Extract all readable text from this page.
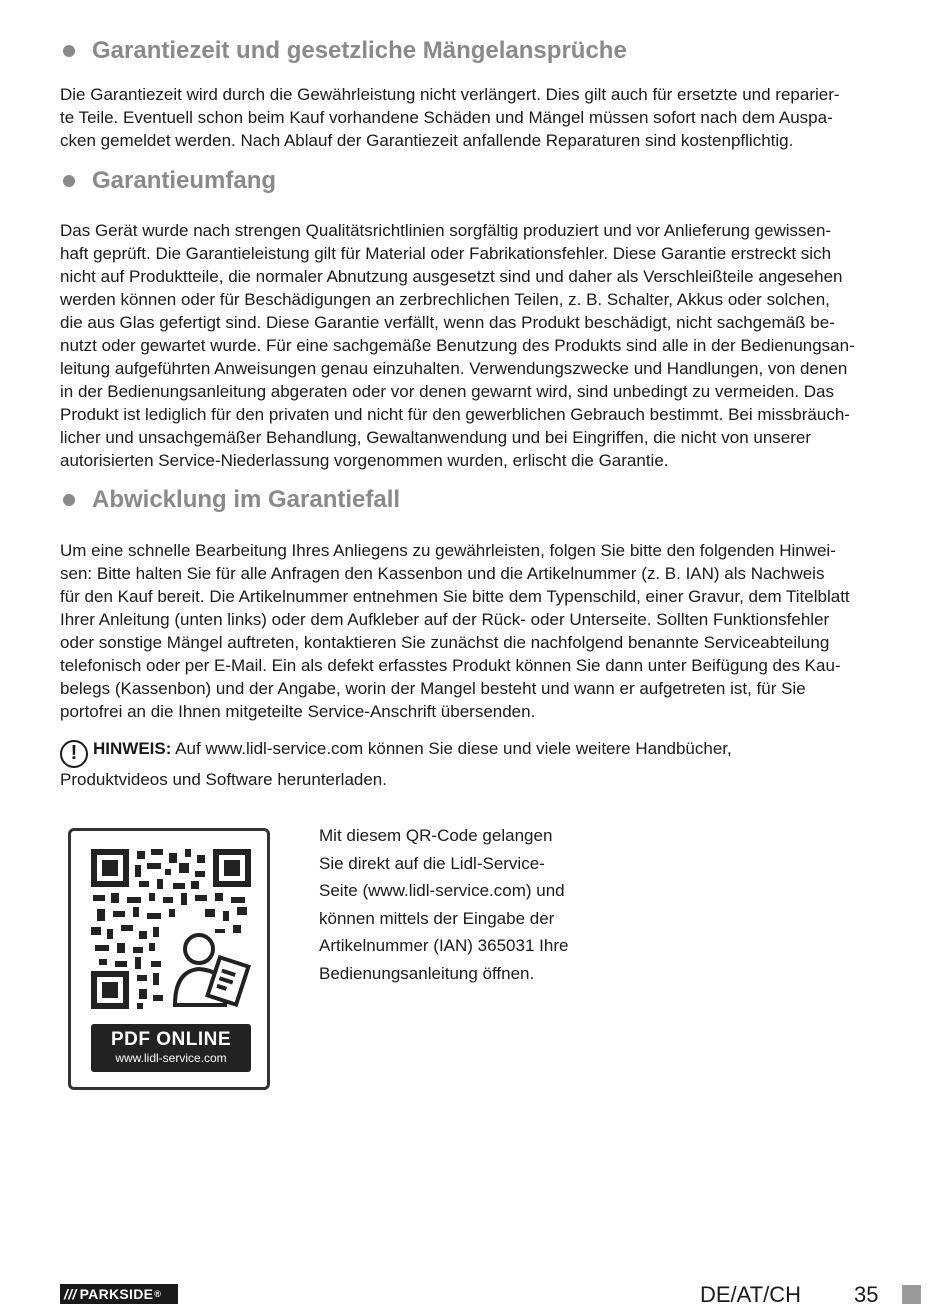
Garantiezeit und gesetzliche Mängelansprüche

Die Garantiezeit wird durch die Gewährleistung nicht verlängert. Dies gilt auch für ersetzte und reparier-
te Teile. Eventuell schon beim Kauf vorhandene Schäden und Mängel müssen sofort nach dem Auspa-
cken gemeldet werden. Nach Ablauf der Garantiezeit anfallende Reparaturen sind kostenpflichtig.

Garantieumfang

Das Gerät wurde nach strengen Qualitätsrichtlinien sorgfältig produziert und vor Anlieferung gewissen-
haft geprüft. Die Garantieleistung gilt für Material oder Fabrikationsfehler. Diese Garantie erstreckt sich
nicht auf Produktteile, die normaler Abnutzung ausgesetzt sind und daher als Verschleißteile angesehen
werden können oder für Beschädigungen an zerbrechlichen Teilen, z. B. Schalter, Akkus oder solchen,
die aus Glas gefertigt sind. Diese Garantie verfällt, wenn das Produkt beschädigt, nicht sachgemäß be-
nutzt oder gewartet wurde. Für eine sachgemäße Benutzung des Produkts sind alle in der Bedienungsan-
leitung aufgeführten Anweisungen genau einzuhalten. Verwendungszwecke und Handlungen, von denen
in der Bedienungsanleitung abgeraten oder vor denen gewarnt wird, sind unbedingt zu vermeiden. Das
Produkt ist lediglich für den privaten und nicht für den gewerblichen Gebrauch bestimmt. Bei missbräuch-
licher und unsachgemäßer Behandlung, Gewaltanwendung und bei Eingriffen, die nicht von unserer
autorisierten Service-Niederlassung vorgenommen wurden, erlischt die Garantie.

Abwicklung im Garantiefall

Um eine schnelle Bearbeitung Ihres Anliegens zu gewährleisten, folgen Sie bitte den folgenden Hinwei-
sen: Bitte halten Sie für alle Anfragen den Kassenbon und die Artikelnummer (z. B. IAN) als Nachweis
für den Kauf bereit. Die Artikelnummer entnehmen Sie bitte dem Typenschild, einer Gravur, dem Titelblatt
Ihrer Anleitung (unten links) oder dem Aufkleber auf der Rück- oder Unterseite. Sollten Funktionsfehler
oder sonstige Mängel auftreten, kontaktieren Sie zunächst die nachfolgend benannte Serviceabteilung
telefonisch oder per E-Mail. Ein als defekt erfasstes Produkt können Sie dann unter Beifügung des Kau-
belegs (Kassenbon) und der Angabe, worin der Mangel besteht und wann er aufgetreten ist, für Sie
portofrei an die Ihnen mitgeteilte Service-Anschrift übersenden.

! HINWEIS: Auf www.lidl-service.com können Sie diese und viele weitere Handbücher,
Produktvideos und Software herunterladen.

PDF ONLINE
www.lidl-service.com

Mit diesem QR-Code gelangen
Sie direkt auf die Lidl-Service-
Seite (www.lidl-service.com) und
können mittels der Eingabe der
Artikelnummer (IAN) 365031 Ihre
Bedienungsanleitung öffnen.

/// PARKSIDE ®	DE/AT/CH 35
